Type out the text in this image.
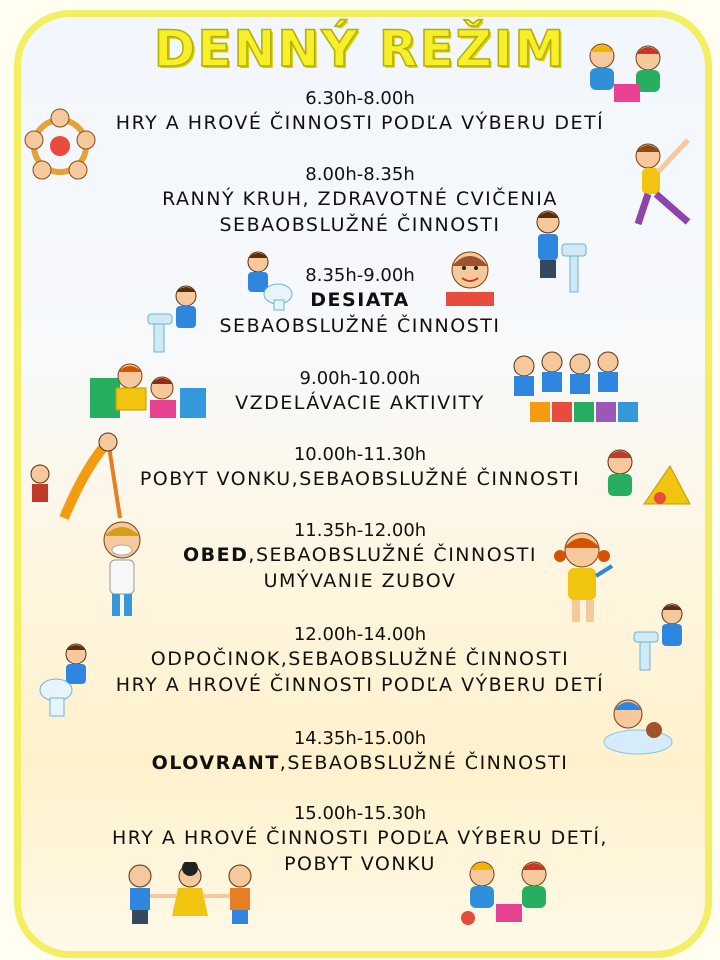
DENNÝ REŽIM
6.30h-8.00h
HRY A HROVÉ ČINNOSTI PODĽA VÝBERU DETÍ
8.00h-8.35h
RANNÝ KRUH, ZDRAVOTNÉ CVIČENIA
SEBAOBSLUŽNÉ ČINNOSTI
8.35h-9.00h
DESIATA
SEBAOBSLUŽNÉ ČINNOSTI
9.00h-10.00h
VZDELÁVACIE AKTIVITY
10.00h-11.30h
POBYT VONKU,SEBAOBSLUŽNÉ ČINNOSTI
11.35h-12.00h
OBED,SEBAOBSLUŽNÉ ČINNOSTI
UMÝVANIE ZUBOV
12.00h-14.00h
ODPOČINOK,SEBAOBSLUŽNÉ ČINNOSTI
HRY A HROVÉ ČINNOSTI PODĽA VÝBERU DETÍ
14.35h-15.00h
OLOVRANT,SEBAOBSLUŽNÉ ČINNOSTI
15.00h-15.30h
HRY A HROVÉ ČINNOSTI PODĽA VÝBERU DETÍ,
POBYT VONKU
